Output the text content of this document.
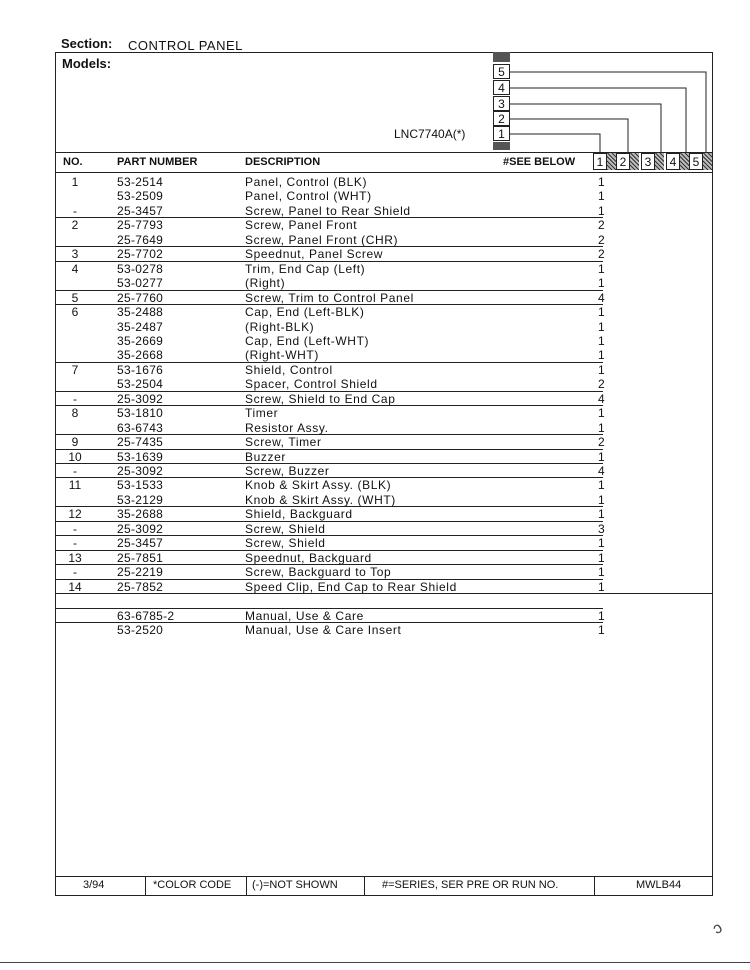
Section: CONTROL PANEL
Models:
LNC7740A(*)
5
4
3
2
1
NO.	PART NUMBER	DESCRIPTION	#SEE BELOW	1	2	3	4	5
1	53-2514	Panel, Control (BLK)	1
53-2509	Panel, Control (WHT)	1
-	25-3457	Screw, Panel to Rear Shield	1
2	25-7793	Screw, Panel Front	2
25-7649	Screw, Panel Front (CHR)	2
3	25-7702	Speednut, Panel Screw	2
4	53-0278	Trim, End Cap (Left)	1
53-0277	(Right)	1
5	25-7760	Screw, Trim to Control Panel	4
6	35-2488	Cap, End (Left-BLK)	1
35-2487	(Right-BLK)	1
35-2669	Cap, End (Left-WHT)	1
35-2668	(Right-WHT)	1
7	53-1676	Shield, Control	1
53-2504	Spacer, Control Shield	2
-	25-3092	Screw, Shield to End Cap	4
8	53-1810	Timer	1
63-6743	Resistor Assy.	1
9	25-7435	Screw, Timer	2
10	53-1639	Buzzer	1
-	25-3092	Screw, Buzzer	4
11	53-1533	Knob & Skirt Assy. (BLK)	1
53-2129	Knob & Skirt Assy. (WHT)	1
12	35-2688	Shield, Backguard	1
-	25-3092	Screw, Shield	3
-	25-3457	Screw, Shield	1
13	25-7851	Speednut, Backguard	1
-	25-2219	Screw, Backguard to Top	1
14	25-7852	Speed Clip, End Cap to Rear Shield	1
63-6785-2	Manual, Use & Care	1
53-2520	Manual, Use & Care Insert	1
3/94	*COLOR CODE (-)=NOT SHOWN	#=SERIES, SER PRE OR RUN NO.	MWLB44
ↄ
